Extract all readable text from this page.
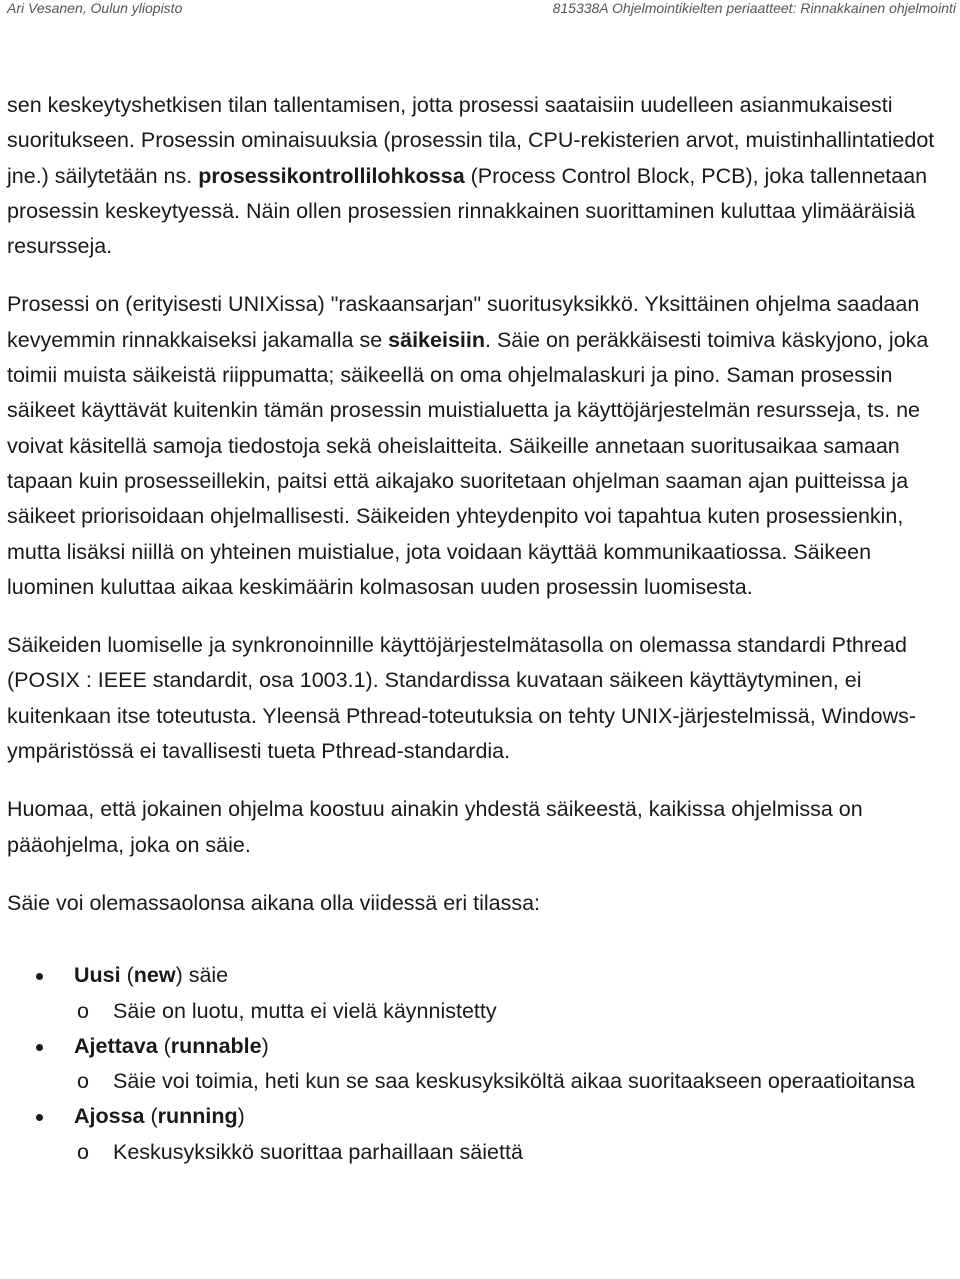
Ari Vesanen, Oulun yliopisto	815338A Ohjelmointikielten periaatteet: Rinnakkainen ohjelmointi

sen keskeytyshetkisen tilan tallentamisen, jotta prosessi saataisiin uudelleen asianmukaisesti suoritukseen. Prosessin ominaisuuksia (prosessin tila, CPU-rekisterien arvot, muistinhallintatiedot jne.) säilytetään ns. prosessikontrollilohkossa (Process Control Block, PCB), joka tallennetaan prosessin keskeytyessä. Näin ollen prosessien rinnakkainen suorittaminen kuluttaa ylimääräisiä resursseja.

Prosessi on (erityisesti UNIXissa) "raskaansarjan" suoritusyksikkö. Yksittäinen ohjelma saadaan kevyemmin rinnakkaiseksi jakamalla se säikeisiin. Säie on peräkkäisesti toimiva käskyjono, joka toimii muista säikeistä riippumatta; säikeellä on oma ohjelmalaskuri ja pino. Saman prosessin säikeet käyttävät kuitenkin tämän prosessin muistialuetta ja käyttöjärjestelmän resursseja, ts. ne voivat käsitellä samoja tiedostoja sekä oheislaitteita. Säikeille annetaan suoritusaikaa samaan tapaan kuin prosesseillekin, paitsi että aikajako suoritetaan ohjelman saaman ajan puitteissa ja säikeet priorisoidaan ohjelmallisesti. Säikeiden yhteydenpito voi tapahtua kuten prosessienkin, mutta lisäksi niillä on yhteinen muistialue, jota voidaan käyttää kommunikaatiossa. Säikeen luominen kuluttaa aikaa keskimäärin kolmasosan uuden prosessin luomisesta.

Säikeiden luomiselle ja synkronoinnille käyttöjärjestelmätasolla on olemassa standardi Pthread (POSIX : IEEE standardit, osa 1003.1). Standardissa kuvataan säikeen käyttäytyminen, ei kuitenkaan itse toteutusta. Yleensä Pthread-toteutuksia on tehty UNIX-järjestelmissä, Windows-ympäristössä ei tavallisesti tueta Pthread-standardia.

Huomaa, että jokainen ohjelma koostuu ainakin yhdestä säikeestä, kaikissa ohjelmissa on pääohjelma, joka on säie.

Säie voi olemassaolonsa aikana olla viidessä eri tilassa:

Uusi (new) säie
o Säie on luotu, mutta ei vielä käynnistetty
Ajettava (runnable)
o Säie voi toimia, heti kun se saa keskusyksiköltä aikaa suoritaakseen operaatioitansa
Ajossa (running)
o Keskusyksikkö suorittaa parhaillaan säiettä
